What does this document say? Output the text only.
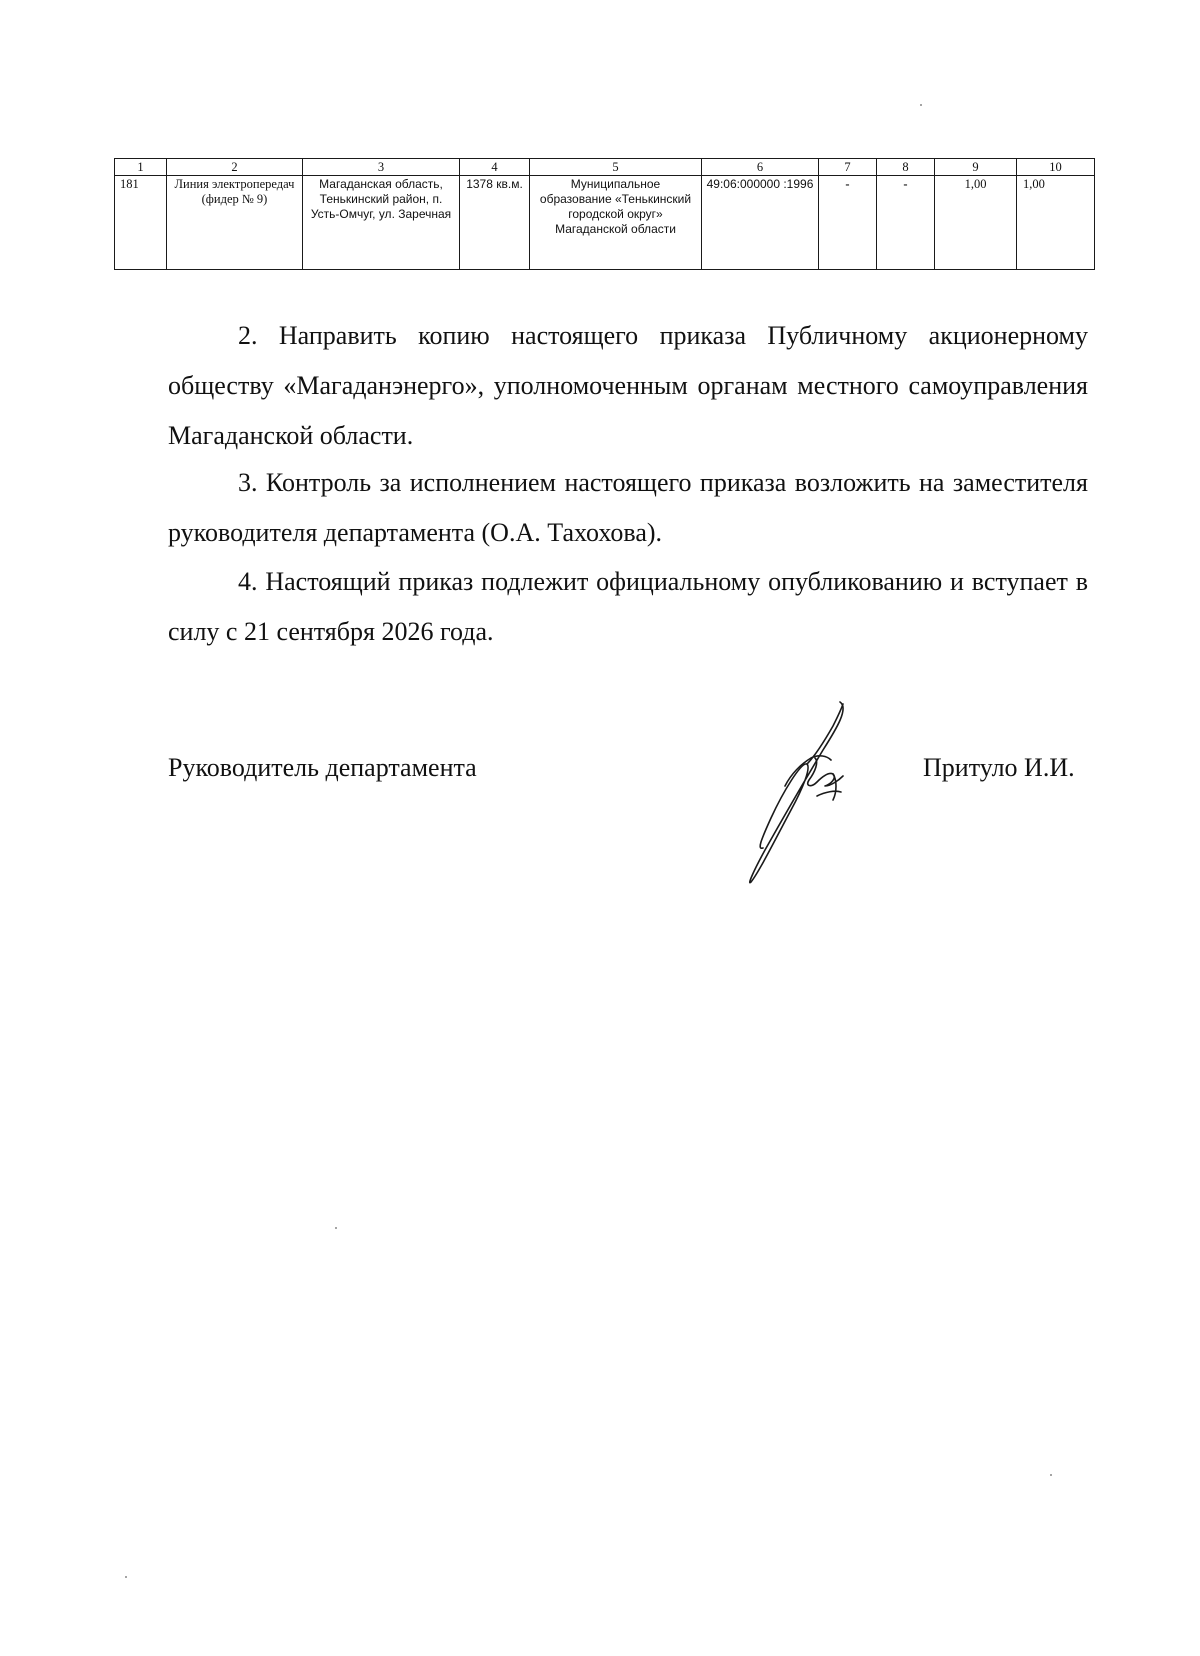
1	2	3	4	5	6	7	8	9	10
181	Линия электропередач (фидер № 9)	Магаданская область, Тенькинский район, п. Усть-Омчуг, ул. Заречная	1378 кв.м.	Муниципальное образование «Тенькинский городской округ» Магаданской области	49:06:000000 :1996	-	-	1,00	1,00

2. Направить копию настоящего приказа Публичному акционерному обществу «Магаданэнерго», уполномоченным органам местного самоуправления Магаданской области.

3. Контроль за исполнением настоящего приказа возложить на заместителя руководителя департамента (О.А. Тахохова).

4. Настоящий приказ подлежит официальному опубликованию и вступает в силу с 21 сентября 2026 года.

Руководитель департамента	Притуло И.И.
